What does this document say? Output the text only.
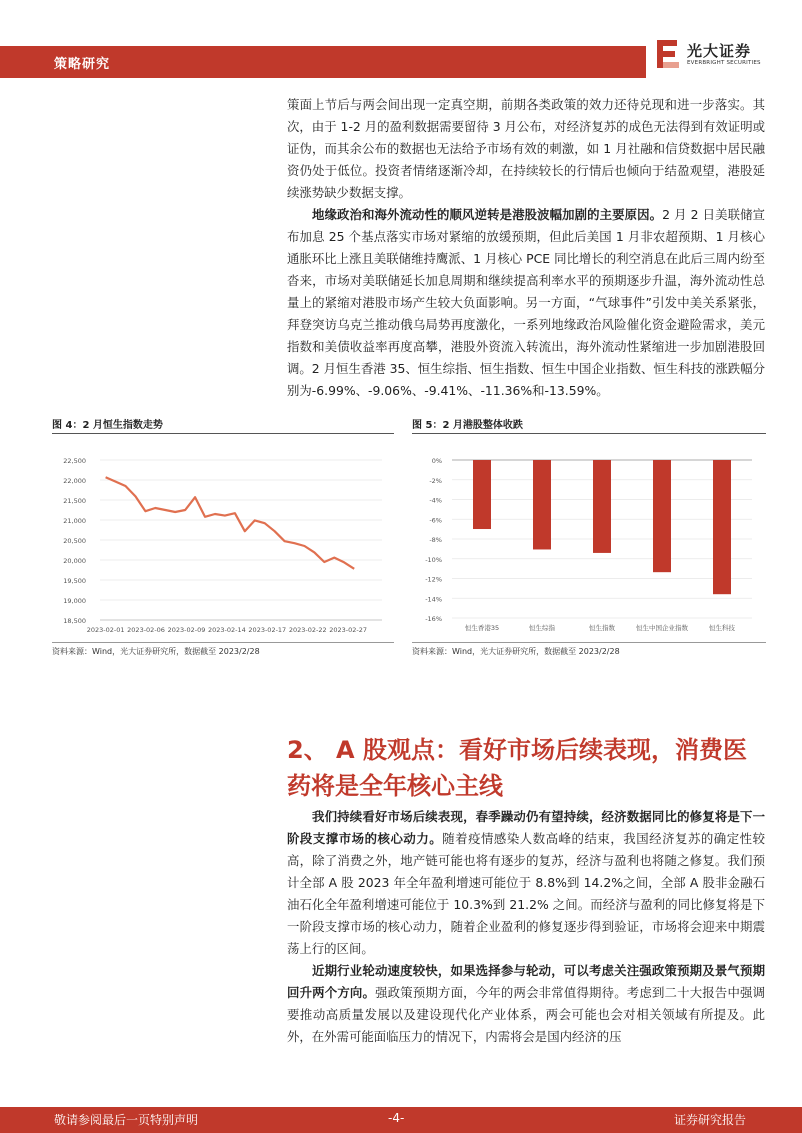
策略研究
光大证券
EVERBRIGHT SECURITIES
策面上节后与两会间出现一定真空期，前期各类政策的效力还待兑现和进一步落实。其次，由于 1-2 月的盈利数据需要留待 3 月公布，对经济复苏的成色无法得到有效证明或证伪，而其余公布的数据也无法给予市场有效的刺激，如 1 月社融和信贷数据中居民融资仍处于低位。投资者情绪逐渐冷却，在持续较长的行情后也倾向于结盈观望，港股延续涨势缺少数据支撑。
地缘政治和海外流动性的顺风逆转是港股波幅加剧的主要原因。2 月 2 日美联储宣布加息 25 个基点落实市场对紧缩的放缓预期，但此后美国 1 月非农超预期、1 月核心通胀环比上涨且美联储维持鹰派、1 月核心 PCE 同比增长的利空消息在此后三周内纷至沓来，市场对美联储延长加息周期和继续提高利率水平的预期逐步升温，海外流动性总量上的紧缩对港股市场产生较大负面影响。另一方面，“气球事件”引发中美关系紧张，拜登突访乌克兰推动俄乌局势再度激化，一系列地缘政治风险催化资金避险需求，美元指数和美债收益率再度高攀，港股外资流入转流出，海外流动性紧缩进一步加剧港股回调。2 月恒生香港 35、恒生综指、恒生指数、恒生中国企业指数、恒生科技的涨跌幅分别为-6.99%、-9.06%、-9.41%、-11.36%和-13.59%。
图 4：2 月恒生指数走势
22,500
22,000
21,500
21,000
20,500
20,000
19,500
19,000
18,500
2023-02-01 2023-02-06 2023-02-09 2023-02-14 2023-02-17 2023-02-22 2023-02-27
资料来源：Wind，光大证券研究所，数据截至 2023/2/28
图 5：2 月港股整体收跌
0%
-2%
-4%
-6%
-8%
-10%
-12%
-14%
-16%
恒生香港35	恒生综指	恒生指数	恒生中国企业指数	恒生科技
资料来源：Wind，光大证券研究所，数据截至 2023/2/28
2、 A 股观点：看好市场后续表现，消费医药将是全年核心主线
我们持续看好市场后续表现，春季躁动仍有望持续，经济数据同比的修复将是下一阶段支撑市场的核心动力。随着疫情感染人数高峰的结束，我国经济复苏的确定性较高，除了消费之外，地产链可能也将有逐步的复苏，经济与盈利也将随之修复。我们预计全部 A 股 2023 年全年盈利增速可能位于 8.8%到 14.2%之间，全部 A 股非金融石油石化全年盈利增速可能位于 10.3%到 21.2% 之间。而经济与盈利的同比修复将是下一阶段支撑市场的核心动力，随着企业盈利的修复逐步得到验证，市场将会迎来中期震荡上行的区间。
近期行业轮动速度较快，如果选择参与轮动，可以考虑关注强政策预期及景气预期回升两个方向。强政策预期方面，今年的两会非常值得期待。考虑到二十大报告中强调要推动高质量发展以及建设现代化产业体系，两会可能也会对相关领域有所提及。此外，在外需可能面临压力的情况下，内需将会是国内经济的压
敬请参阅最后一页特别声明	-4-	证券研究报告
